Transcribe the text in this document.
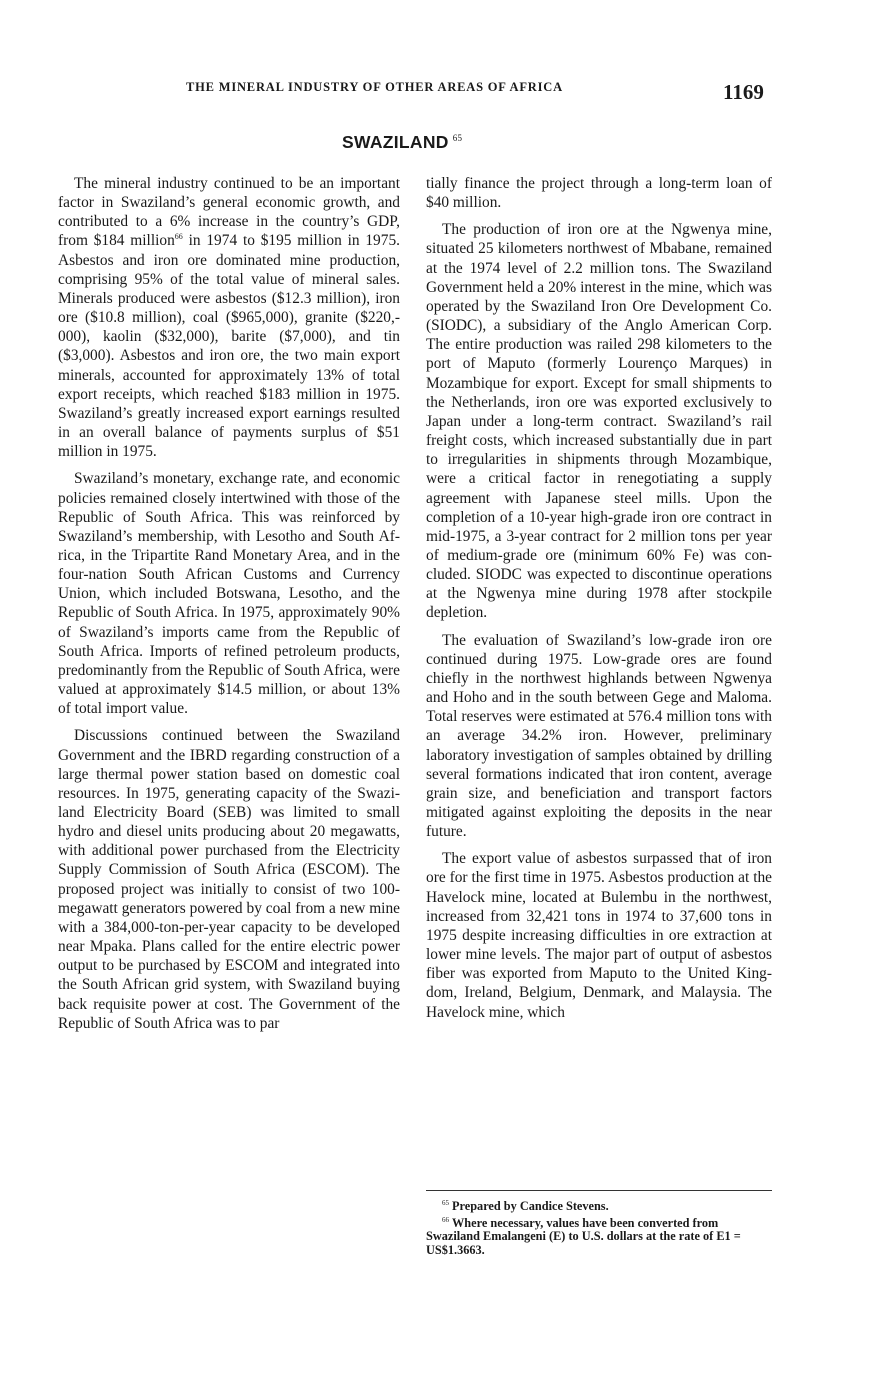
THE MINERAL INDUSTRY OF OTHER AREAS OF AFRICA	1169
SWAZILAND $^{65}$

The mineral industry continued to be an important factor in Swaziland’s general economic growth, and contributed to a 6% increase in the country’s GDP, from $184 million$^{66}$ in 1974 to $195 million in 1975. Asbestos and iron ore dominated mine production, comprising 95% of the total value of mineral sales. Minerals produced were asbestos ($12.3 million), iron ore ($10.8 million), coal ($965,000), granite ($220,000), kaolin ($32,000), barite ($7,000), and tin ($3,000). Asbestos and iron ore, the two main export minerals, accounted for approximately 13% of total export receipts, which reached $183 million in 1975. Swaziland’s greatly increased export earnings resulted in an overall balance of payments surplus of $51 million in 1975.

Swaziland’s monetary, exchange rate, and economic policies remained closely intertwined with those of the Republic of South Africa. This was reinforced by Swaziland’s membership, with Lesotho and South Africa, in the Tripartite Rand Monetary Area, and in the four-nation South African Customs and Currency Union, which included Botswana, Lesotho, and the Republic of South Africa. In 1975, approximately 90% of Swaziland’s imports came from the Republic of South Africa. Imports of refined petroleum products, predominantly from the Republic of South Africa, were valued at approximately $14.5 million, or about 13% of total import value.

Discussions continued between the Swaziland Government and the IBRD regarding construction of a large thermal power station based on domestic coal resources. In 1975, generating capacity of the Swaziland Electricity Board (SEB) was limited to small hydro and diesel units producing about 20 megawatts, with additional power purchased from the Electricity Supply Commission of South Africa (ESCOM). The proposed project was initially to consist of two 100-megawatt generators powered by coal from a new mine with a 384,000-ton-per-year capacity to be developed near Mpaka. Plans called for the entire electric power output to be purchased by ESCOM and integrated into the South African grid system, with Swaziland buying back requisite power at cost. The Government of the Republic of South Africa was to par

tially finance the project through a long-term loan of $40 million.

The production of iron ore at the Ngwenya mine, situated 25 kilometers northwest of Mbabane, remained at the 1974 level of 2.2 million tons. The Swaziland Government held a 20% interest in the mine, which was operated by the Swaziland Iron Ore Development Co. (SIODC), a subsidiary of the Anglo American Corp. The entire production was railed 298 kilometers to the port of Maputo (formerly Lourenço Marques) in Mozambique for export. Except for small shipments to the Netherlands, iron ore was exported exclusively to Japan under a long-term contract. Swaziland’s rail freight costs, which increased substantially due in part to irregularities in shipments through Mozambique, were a critical factor in renegotiating a supply agreement with Japanese steel mills. Upon the completion of a 10-year high-grade iron ore contract in mid-1975, a 3-year contract for 2 million tons per year of medium-grade ore (minimum 60% Fe) was concluded. SIODC was expected to discontinue operations at the Ngwenya mine during 1978 after stockpile depletion.

The evaluation of Swaziland’s low-grade iron ore continued during 1975. Low-grade ores are found chiefly in the northwest highlands between Ngwenya and Hoho and in the south between Gege and Maloma. Total reserves were estimated at 576.4 million tons with an average 34.2% iron. However, preliminary laboratory investigation of samples obtained by drilling several formations indicated that iron content, average grain size, and beneficiation and transport factors mitigated against exploiting the deposits in the near future.

The export value of asbestos surpassed that of iron ore for the first time in 1975. Asbestos production at the Havelock mine, located at Bulembu in the northwest, increased from 32,421 tons in 1974 to 37,600 tons in 1975 despite increasing difficulties in ore extraction at lower mine levels. The major part of output of asbestos fiber was exported from Maputo to the United Kingdom, Ireland, Belgium, Denmark, and Malaysia. The Havelock mine, which

$^{65}$ Prepared by Candice Stevens.

$^{66}$ Where necessary, values have been converted from Swaziland Emalangeni (E) to U.S. dollars at the rate of E1 = US$1.3663.
